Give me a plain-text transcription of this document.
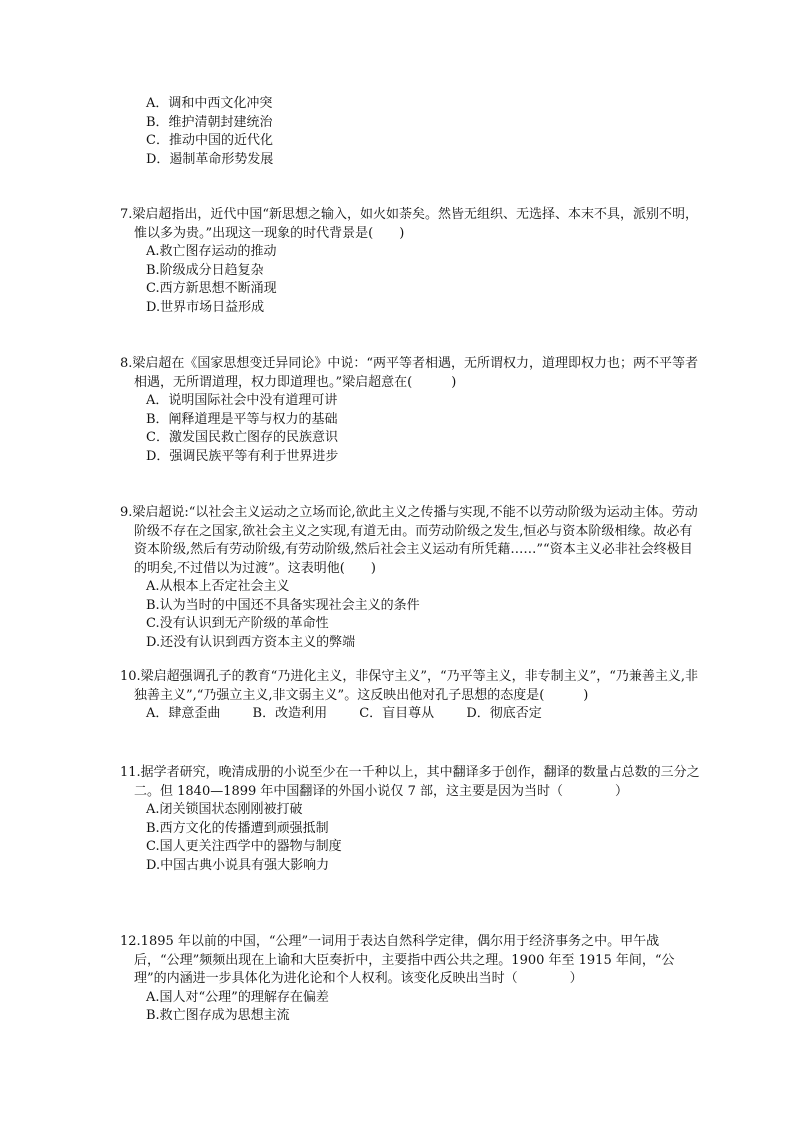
A．调和中西文化冲突
B．维护清朝封建统治
C．推动中国的近代化
D．遏制革命形势发展

7.梁启超指出，近代中国“新思想之输入，如火如荼矣。然皆无组织、无选择、本末不具，派别不明，惟以多为贵。”出现这一现象的时代背景是(　　)

A.救亡图存运动的推动
B.阶级成分日趋复杂
C.西方新思想不断涌现
D.世界市场日益形成

8.梁启超在《国家思想变迁异同论》中说：“两平等者相遇，无所谓权力，道理即权力也；两不平等者相遇，无所谓道理，权力即道理也。”梁启超意在(　　　)

A．说明国际社会中没有道理可讲
B．阐释道理是平等与权力的基础
C．激发国民救亡图存的民族意识
D．强调民族平等有利于世界进步

9.梁启超说:“以社会主义运动之立场而论,欲此主义之传播与实现,不能不以劳动阶级为运动主体。劳动阶级不存在之国家,欲社会主义之实现,有道无由。而劳动阶级之发生,恒必与资本阶级相缘。故必有资本阶级,然后有劳动阶级,有劳动阶级,然后社会主义运动有所凭藉……”“资本主义必非社会终极目的明矣,不过借以为过渡”。这表明他(　　)

A.从根本上否定社会主义
B.认为当时的中国还不具备实现社会主义的条件
C.没有认识到无产阶级的革命性
D.还没有认识到西方资本主义的弊端

10.梁启超强调孔子的教育“乃进化主义，非保守主义”，“乃平等主义，非专制主义”，“乃兼善主义,非独善主义”,“乃强立主义,非文弱主义”。这反映出他对孔子思想的态度是(　　　)

A．肆意歪曲 B．改造利用 C．盲目尊从 D．彻底否定

11.据学者研究，晚清成册的小说至少在一千种以上，其中翻译多于创作，翻译的数量占总数的三分之二。但 1840—1899 年中国翻译的外国小说仅 7 部，这主要是因为当时（　　　　）

A.闭关锁国状态刚刚被打破
B.西方文化的传播遭到顽强抵制
C.国人更关注西学中的器物与制度
D.中国古典小说具有强大影响力

12.1895 年以前的中国，“公理”一词用于表达自然科学定律，偶尔用于经济事务之中。甲午战后，“公理”频频出现在上谕和大臣奏折中，主要指中西公共之理。1900 年至 1915 年间，“公理”的内涵进一步具体化为进化论和个人权利。该变化反映出当时（　　　　）

A.国人对“公理”的理解存在偏差
B.救亡图存成为思想主流
